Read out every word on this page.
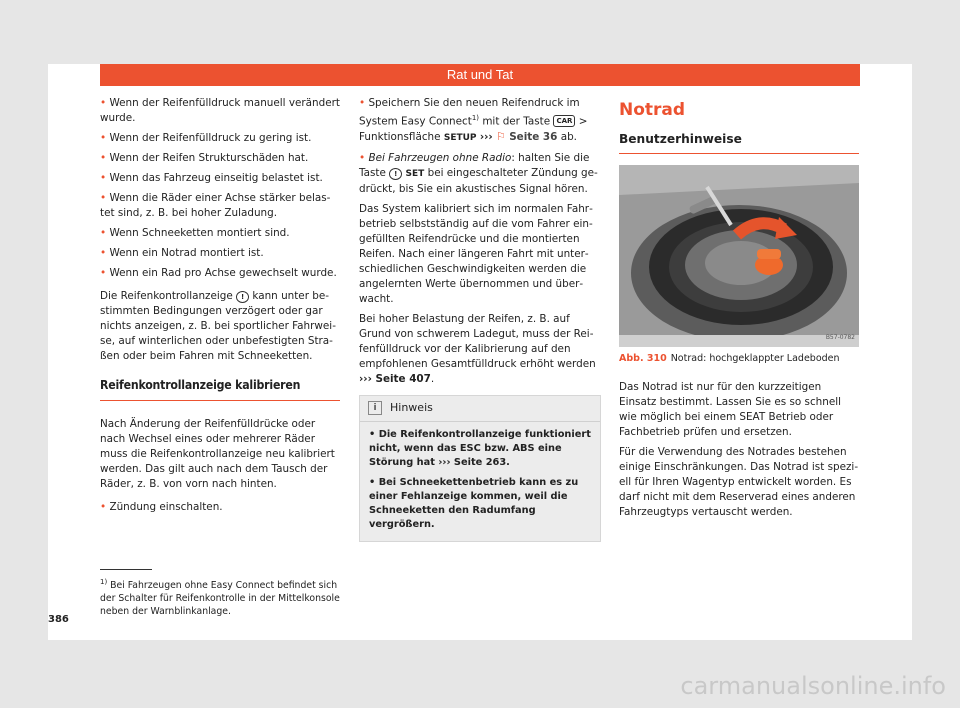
Rat und Tat

• Wenn der Reifenfülldruck manuell verändert wurde.

• Wenn der Reifenfülldruck zu gering ist.

• Wenn der Reifen Strukturschäden hat.

• Wenn das Fahrzeug einseitig belastet ist.

• Wenn die Räder einer Achse stärker belastet sind, z. B. bei hoher Zuladung.

• Wenn Schneeketten montiert sind.

• Wenn ein Notrad montiert ist.

• Wenn ein Rad pro Achse gewechselt wurde.

Die Reifenkontrollanzeige ! kann unter bestimmten Bedingungen verzögert oder gar nichts anzeigen, z. B. bei sportlicher Fahrweise, auf winterlichen oder unbefestigten Straßen oder beim Fahren mit Schneeketten.

Reifenkontrollanzeige kalibrieren

Nach Änderung der Reifenfülldrücke oder nach Wechsel eines oder mehrerer Räder muss die Reifenkontrollanzeige neu kalibriert werden. Das gilt auch nach dem Tausch der Räder, z. B. von vorn nach hinten.

• Zündung einschalten.

• Speichern Sie den neuen Reifendruck im System Easy Connect$^{1)}$ mit der Taste CAR > Funktionsfläche SETUP ››› ⚐ Seite 36 ab.

• Bei Fahrzeugen ohne Radio: halten Sie die Taste ! SET bei eingeschalteter Zündung gedrückt, bis Sie ein akustisches Signal hören.

Das System kalibriert sich im normalen Fahrbetrieb selbstständig auf die vom Fahrer eingefüllten Reifendrücke und die montierten Reifen. Nach einer längeren Fahrt mit unterschiedlichen Geschwindigkeiten werden die angelernten Werte übernommen und überwacht.

Bei hoher Belastung der Reifen, z. B. auf Grund von schwerem Ladegut, muss der Reifenfülldruck vor der Kalibrierung auf den empfohlenen Gesamtfülldruck erhöht werden ››› Seite 407.

i	Hinweis
• Die Reifenkontrollanzeige funktioniert nicht, wenn das ESC bzw. ABS eine Störung hat ››› Seite 263.
• Bei Schneekettenbetrieb kann es zu einer Fehlanzeige kommen, weil die Schneeketten den Radumfang vergrößern.
Notrad
Benutzerhinweise
B57-0782
Abb. 310 Notrad: hochgeklappter Ladeboden

Das Notrad ist nur für den kurzzeitigen Einsatz bestimmt. Lassen Sie es so schnell wie möglich bei einem SEAT Betrieb oder Fachbetrieb prüfen und ersetzen.

Für die Verwendung des Notrades bestehen einige Einschränkungen. Das Notrad ist speziell für Ihren Wagentyp entwickelt worden. Es darf nicht mit dem Reserverad eines anderen Fahrzeugtyps vertauscht werden.

$^{1)}$ Bei Fahrzeugen ohne Easy Connect befindet sich der Schalter für Reifenkontrolle in der Mittelkonsole neben der Warnblinkanlage.
386
carmanualsonline.info
